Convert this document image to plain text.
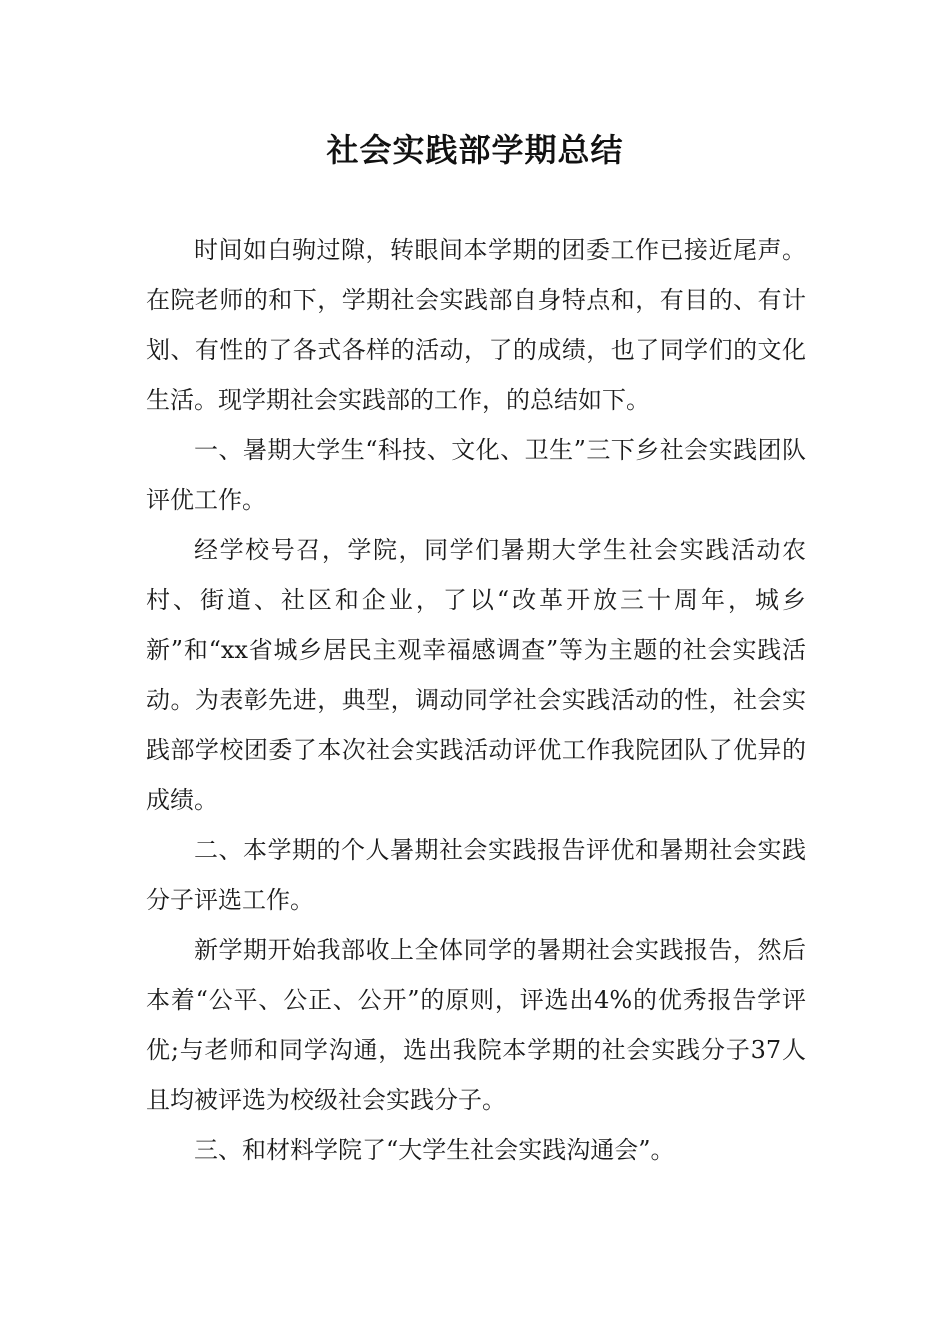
社会实践部学期总结

时间如白驹过隙，转眼间本学期的团委工作已接近尾声。在院老师的和下，学期社会实践部自身特点和，有目的、有计划、有性的了各式各样的活动，了的成绩，也了同学们的文化生活。现学期社会实践部的工作，的总结如下。

一、暑期大学生“科技、文化、卫生”三下乡社会实践团队评优工作。

经学校号召，学院，同学们暑期大学生社会实践活动农村、街道、社区和企业，了以“改革开放三十周年，城乡新”和“xx省城乡居民主观幸福感调查”等为主题的社会实践活动。为表彰先进，典型，调动同学社会实践活动的性，社会实践部学校团委了本次社会实践活动评优工作我院团队了优异的成绩。

二、本学期的个人暑期社会实践报告评优和暑期社会实践分子评选工作。

新学期开始我部收上全体同学的暑期社会实践报告，然后本着“公平、公正、公开”的原则，评选出4%的优秀报告学评优;与老师和同学沟通，选出我院本学期的社会实践分子37人且均被评选为校级社会实践分子。

三、和材料学院了“大学生社会实践沟通会”。
